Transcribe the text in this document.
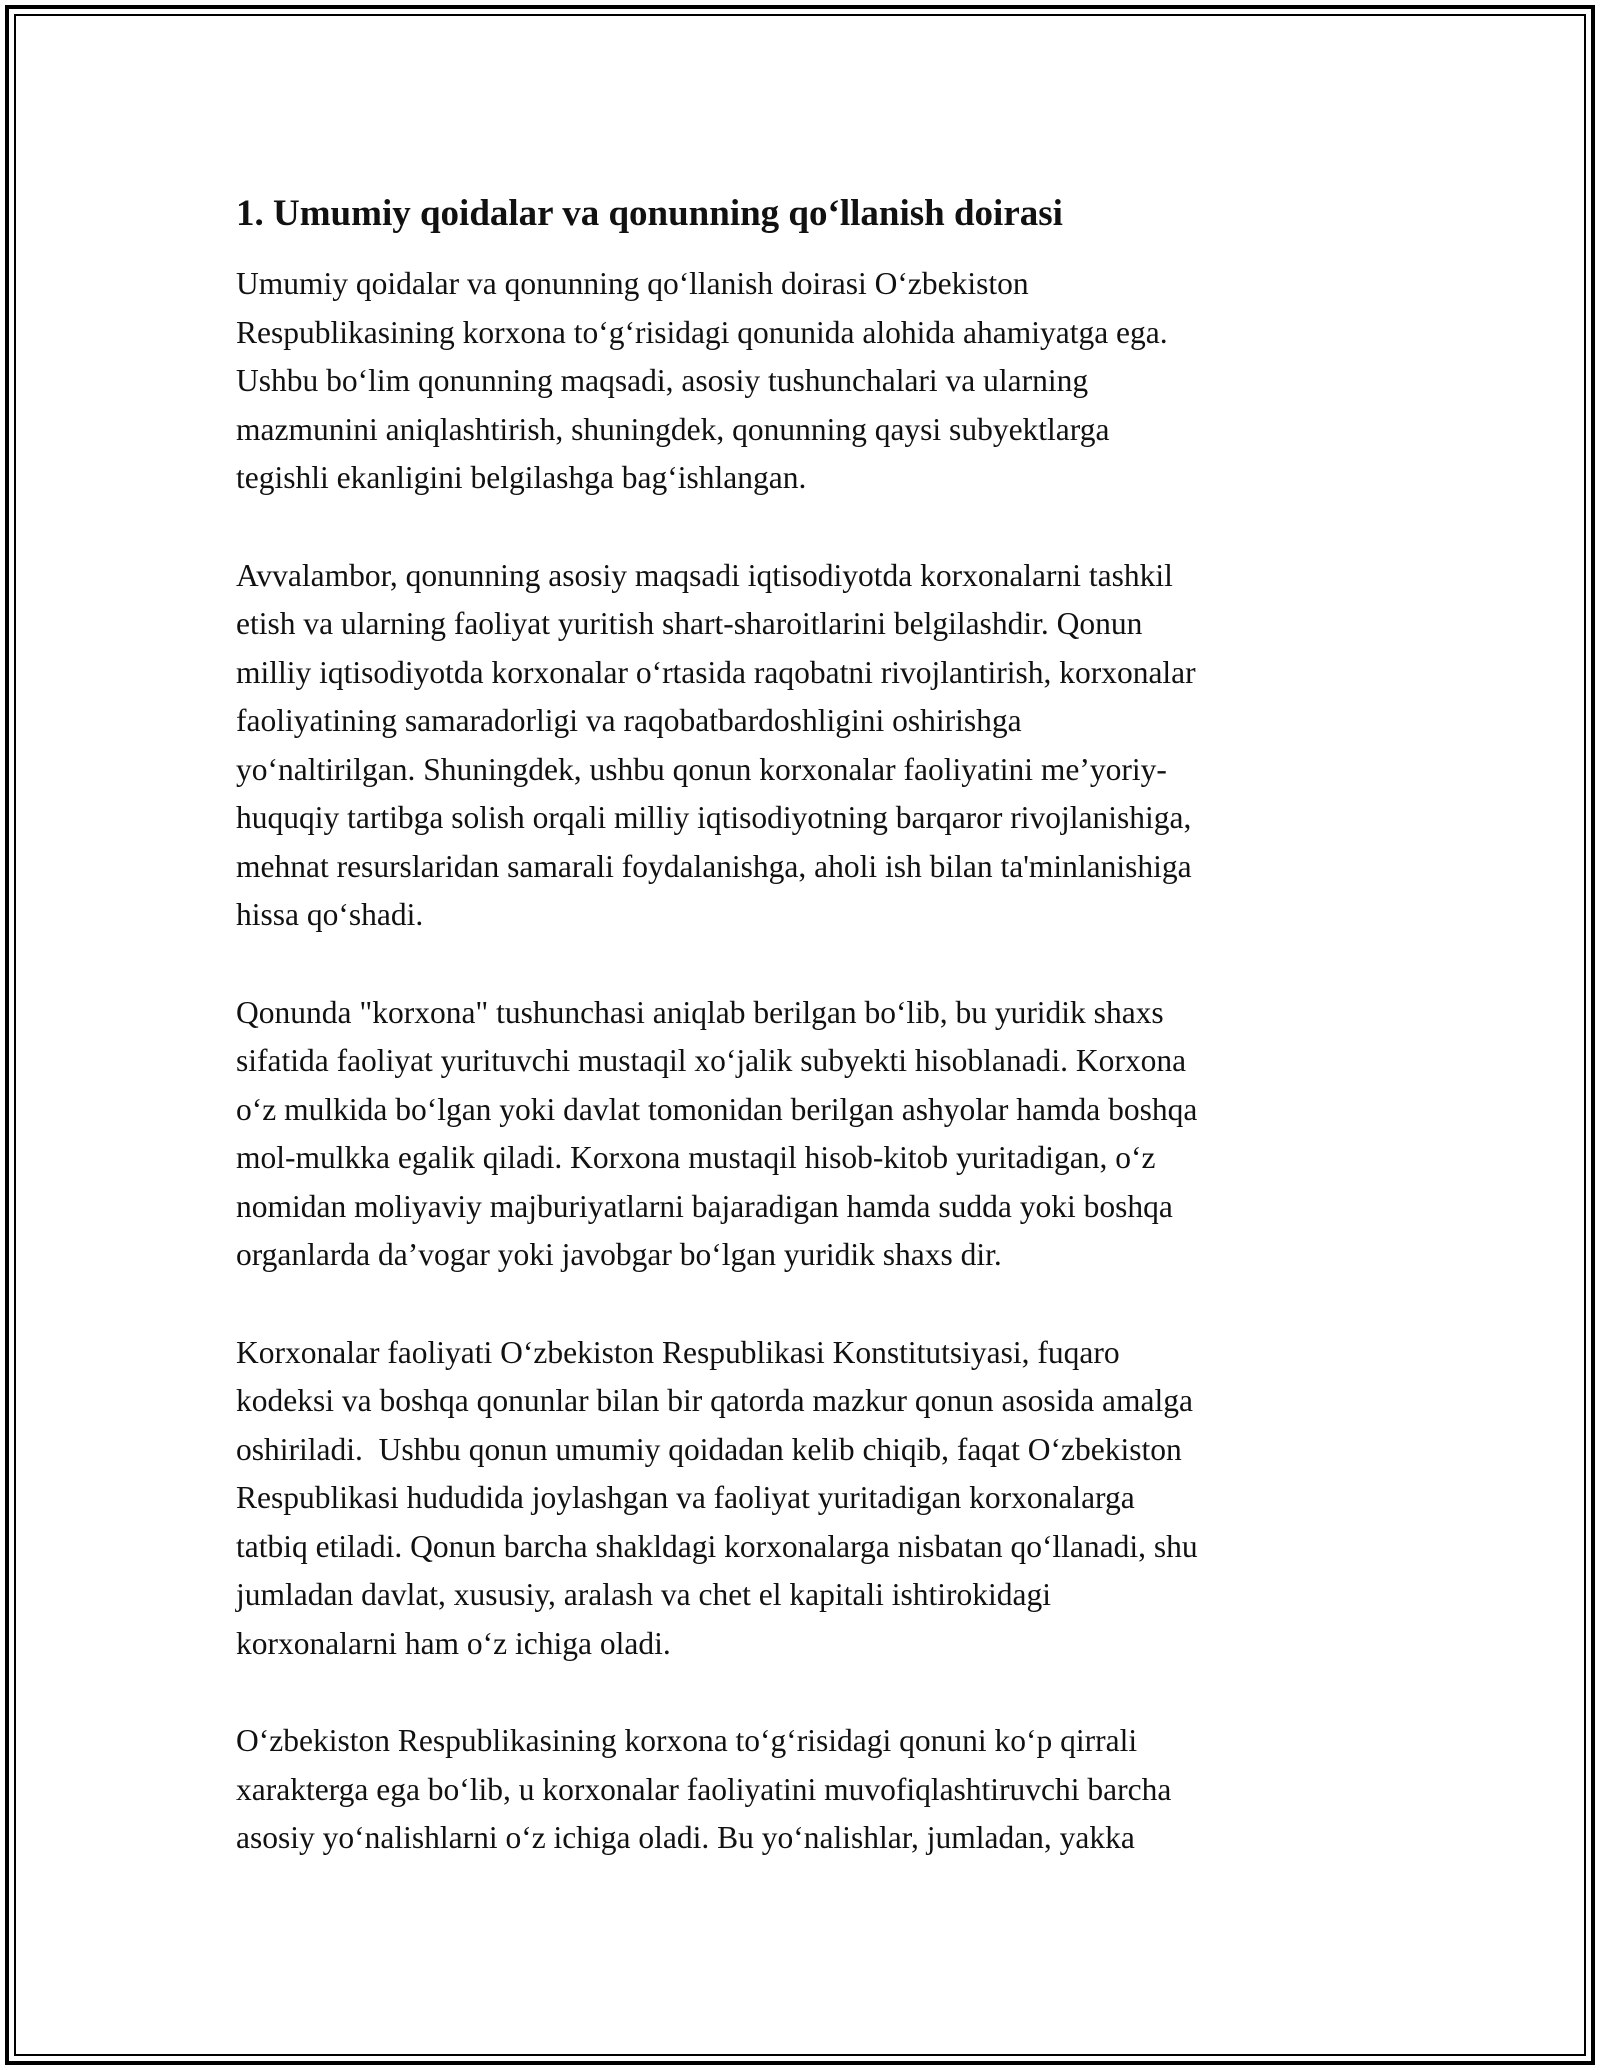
1. Umumiy qoidalar va qonunning qo‘llanish doirasi

Umumiy qoidalar va qonunning qo‘llanish doirasi O‘zbekiston
Respublikasining korxona to‘g‘risidagi qonunida alohida ahamiyatga ega.
Ushbu bo‘lim qonunning maqsadi, asosiy tushunchalari va ularning
mazmunini aniqlashtirish, shuningdek, qonunning qaysi subyektlarga
tegishli ekanligini belgilashga bag‘ishlangan.

Avvalambor, qonunning asosiy maqsadi iqtisodiyotda korxonalarni tashkil
etish va ularning faoliyat yuritish shart-sharoitlarini belgilashdir. Qonun
milliy iqtisodiyotda korxonalar o‘rtasida raqobatni rivojlantirish, korxonalar
faoliyatining samaradorligi va raqobatbardoshligini oshirishga
yo‘naltirilgan. Shuningdek, ushbu qonun korxonalar faoliyatini me’yoriy-
huquqiy tartibga solish orqali milliy iqtisodiyotning barqaror rivojlanishiga,
mehnat resurslaridan samarali foydalanishga, aholi ish bilan ta'minlanishiga
hissa qo‘shadi.

Qonunda "korxona" tushunchasi aniqlab berilgan bo‘lib, bu yuridik shaxs
sifatida faoliyat yurituvchi mustaqil xo‘jalik subyekti hisoblanadi. Korxona
o‘z mulkida bo‘lgan yoki davlat tomonidan berilgan ashyolar hamda boshqa
mol-mulkka egalik qiladi. Korxona mustaqil hisob-kitob yuritadigan, o‘z
nomidan moliyaviy majburiyatlarni bajaradigan hamda sudda yoki boshqa
organlarda da’vogar yoki javobgar bo‘lgan yuridik shaxs dir.

Korxonalar faoliyati O‘zbekiston Respublikasi Konstitutsiyasi, fuqaro
kodeksi va boshqa qonunlar bilan bir qatorda mazkur qonun asosida amalga
oshiriladi.  Ushbu qonun umumiy qoidadan kelib chiqib, faqat O‘zbekiston
Respublikasi hududida joylashgan va faoliyat yuritadigan korxonalarga
tatbiq etiladi. Qonun barcha shakldagi korxonalarga nisbatan qo‘llanadi, shu
jumladan davlat, xususiy, aralash va chet el kapitali ishtirokidagi
korxonalarni ham o‘z ichiga oladi.

O‘zbekiston Respublikasining korxona to‘g‘risidagi qonuni ko‘p qirrali
xarakterga ega bo‘lib, u korxonalar faoliyatini muvofiqlashtiruvchi barcha
asosiy yo‘nalishlarni o‘z ichiga oladi. Bu yo‘nalishlar, jumladan, yakka
